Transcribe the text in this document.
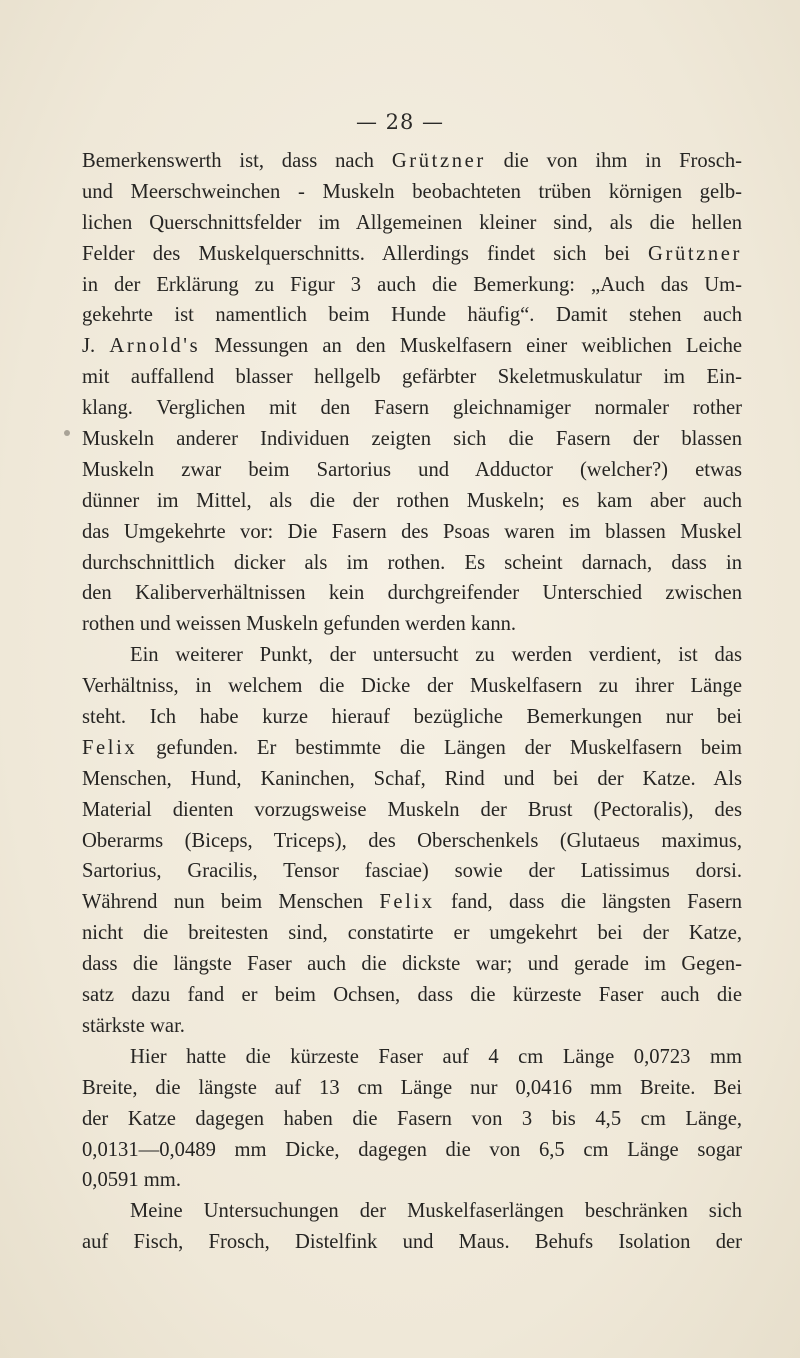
— 28 —
Bemerkenswerth ist, dass nach Grützner die von ihm in Frosch-
und Meerschweinchen - Muskeln beobachteten trüben körnigen gelb-
lichen Querschnittsfelder im Allgemeinen kleiner sind, als die hellen
Felder des Muskelquerschnitts. Allerdings findet sich bei Grützner
in der Erklärung zu Figur 3 auch die Bemerkung: „Auch das Um-
gekehrte ist namentlich beim Hunde häufig“. Damit stehen auch
J. Arnold's Messungen an den Muskelfasern einer weiblichen Leiche
mit auffallend blasser hellgelb gefärbter Skeletmuskulatur im Ein-
klang. Verglichen mit den Fasern gleichnamiger normaler rother
Muskeln anderer Individuen zeigten sich die Fasern der blassen
Muskeln zwar beim Sartorius und Adductor (welcher?) etwas
dünner im Mittel, als die der rothen Muskeln; es kam aber auch
das Umgekehrte vor: Die Fasern des Psoas waren im blassen Muskel
durchschnittlich dicker als im rothen. Es scheint darnach, dass in
den Kaliberverhältnissen kein durchgreifender Unterschied zwischen
rothen und weissen Muskeln gefunden werden kann.
Ein weiterer Punkt, der untersucht zu werden verdient, ist das
Verhältniss, in welchem die Dicke der Muskelfasern zu ihrer Länge
steht. Ich habe kurze hierauf bezügliche Bemerkungen nur bei
Felix gefunden. Er bestimmte die Längen der Muskelfasern beim
Menschen, Hund, Kaninchen, Schaf, Rind und bei der Katze. Als
Material dienten vorzugsweise Muskeln der Brust (Pectoralis), des
Oberarms (Biceps, Triceps), des Oberschenkels (Glutaeus maximus,
Sartorius, Gracilis, Tensor fasciae) sowie der Latissimus dorsi.
Während nun beim Menschen Felix fand, dass die längsten Fasern
nicht die breitesten sind, constatirte er umgekehrt bei der Katze,
dass die längste Faser auch die dickste war; und gerade im Gegen-
satz dazu fand er beim Ochsen, dass die kürzeste Faser auch die
stärkste war.
Hier hatte die kürzeste Faser auf 4 cm Länge 0,0723 mm
Breite, die längste auf 13 cm Länge nur 0,0416 mm Breite. Bei
der Katze dagegen haben die Fasern von 3 bis 4,5 cm Länge,
0,0131—0,0489 mm Dicke, dagegen die von 6,5 cm Länge sogar
0,0591 mm.
Meine Untersuchungen der Muskelfaserlängen beschränken sich
auf Fisch, Frosch, Distelfink und Maus. Behufs Isolation der
